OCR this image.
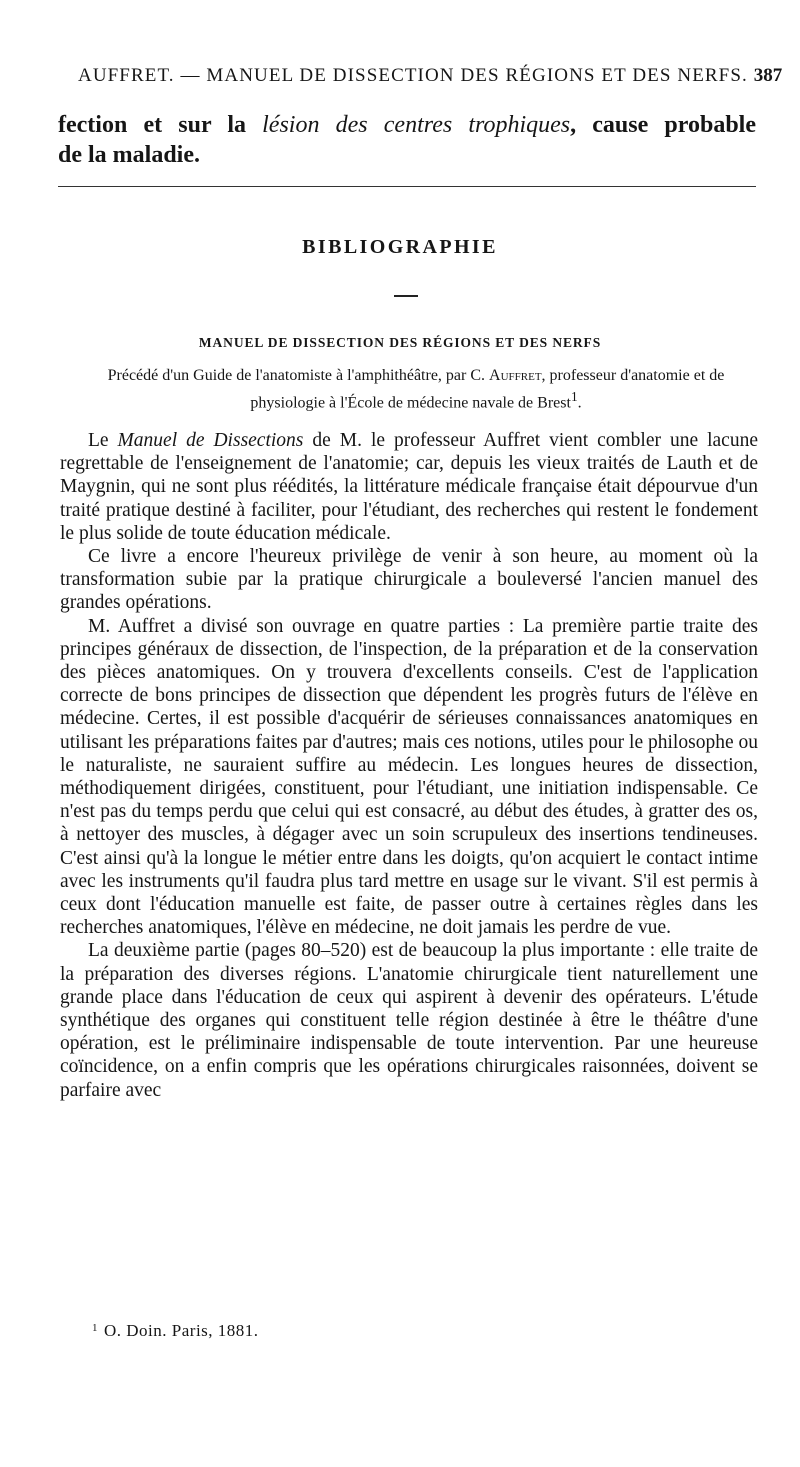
AUFFRET. — MANUEL DE DISSECTION DES RÉGIONS ET DES NERFS. 387

fection et sur la lésion des centres trophiques, cause probable

de la maladie.

BIBLIOGRAPHIE
MANUEL DE DISSECTION DES RÉGIONS ET DES NERFS
Précédé d'un Guide de l'anatomiste à l'amphithéâtre, par C. Auffret, professeur d'anatomie et de physiologie à l'École de médecine navale de Brest$^1$.

Le Manuel de Dissections de M. le professeur Auffret vient combler une lacune regrettable de l'enseignement de l'anatomie; car, depuis les vieux traités de Lauth et de Maygnin, qui ne sont plus réédités, la littérature médicale française était dépourvue d'un traité pratique destiné à faciliter, pour l'étudiant, des recherches qui restent le fondement le plus solide de toute éducation médicale.

Ce livre a encore l'heureux privilège de venir à son heure, au moment où la transformation subie par la pratique chirurgicale a bouleversé l'ancien manuel des grandes opérations.

M. Auffret a divisé son ouvrage en quatre parties : La première partie traite des principes généraux de dissection, de l'inspection, de la préparation et de la conservation des pièces anatomiques. On y trouvera d'excellents conseils. C'est de l'application correcte de bons principes de dissection que dépendent les progrès futurs de l'élève en médecine. Certes, il est possible d'acquérir de sérieuses connaissances anatomiques en utilisant les préparations faites par d'autres; mais ces notions, utiles pour le philosophe ou le naturaliste, ne sauraient suffire au médecin. Les longues heures de dissection, méthodiquement dirigées, constituent, pour l'étudiant, une initiation indispensable. Ce n'est pas du temps perdu que celui qui est consacré, au début des études, à gratter des os, à nettoyer des muscles, à dégager avec un soin scrupuleux des insertions tendineuses. C'est ainsi qu'à la longue le métier entre dans les doigts, qu'on acquiert le contact intime avec les instruments qu'il faudra plus tard mettre en usage sur le vivant. S'il est permis à ceux dont l'éducation manuelle est faite, de passer outre à certaines règles dans les recherches anatomiques, l'élève en médecine, ne doit jamais les perdre de vue.

La deuxième partie (pages 80–520) est de beaucoup la plus importante : elle traite de la préparation des diverses régions. L'anatomie chirurgicale tient naturellement une grande place dans l'éducation de ceux qui aspirent à devenir des opérateurs. L'étude synthétique des organes qui constituent telle région destinée à être le théâtre d'une opération, est le préliminaire indispensable de toute intervention. Par une heureuse coïncidence, on a enfin compris que les opérations chirurgicales raisonnées, doivent se parfaire avec

$^1$ O. Doin. Paris, 1881.
